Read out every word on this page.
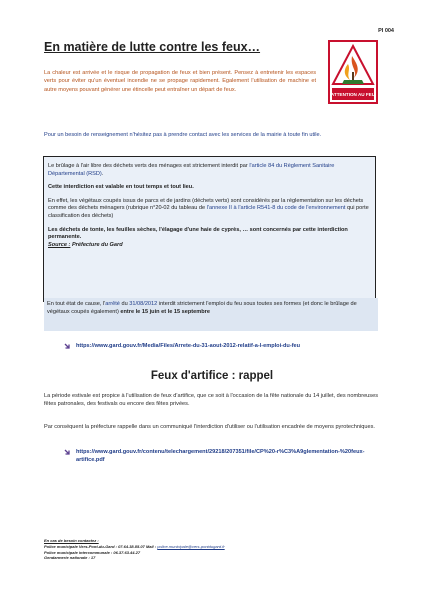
PI 004
En matière de lutte contre les feux…
La chaleur est arrivée et le risque de propagation de feux et bien présent. Pensez à entretenir les espaces verts pour éviter qu'un éventuel incendie ne se propage rapidement. Egalement l'utilisation de machine et autre moyens pouvant générer une étincelle peut entraîner un départ de feux.
ATTENTION AU FEU
Pour un besoin de renseignement n'hésitez pas à prendre contact avec les services de la mairie à toute fin utile.

Le brûlage à l'air libre des déchets verts des ménages est strictement interdit par l'article 84 du Règlement Sanitaire Départemental (RSD).

Cette interdiction est valable en tout temps et tout lieu.

En effet, les végétaux coupés issus de parcs et de jardins (déchets verts) sont considérés par la réglementation sur les déchets comme des déchets ménagers (rubrique n°20-02 du tableau de l'annexe II à l'article R541-8 du code de l'environnement qui porte classification des déchets)

Les déchets de tonte, les feuilles sèches, l'élagage d'une haie de cyprès, … sont concernés par cette interdiction permanente.

Source : Préfecture du Gard

En tout état de cause, l'arrêté du 31/08/2012 interdit strictement l'emploi du feu sous toutes ses formes (et donc le brûlage de végétaux coupés également) entre le 15 juin et le 15 septembre
https://www.gard.gouv.fr/Media/Files/Arrete-du-31-aout-2012-relatif-a-l-emploi-du-feu
Feux d'artifice : rappel
La période estivale est propice à l'utilisation de feux d'artifice, que ce soit à l'occasion de la fête nationale du 14 juillet, des nombreuses fêtes patronales, des festivals ou encore des fêtes privées.
Par conséquent la préfecture rappelle dans un communiqué l'interdiction d'utiliser ou l'utilisation encadrée de moyens pyrotechniques.
https://www.gard.gouv.fr/contenu/telechargement/29218/207351/file/CP%20-r%C3%A9glementation-%20feux-artifice.pdf
En cas de besoin contactez :
Police municipale Vers-Pont-du-Gard : 07.64.38.85.07 Mail : police.municipale@vers-pontdugard.fr
Police municipale intercommunale : 06.37.63.44.27
Gendarmerie nationale : 17
